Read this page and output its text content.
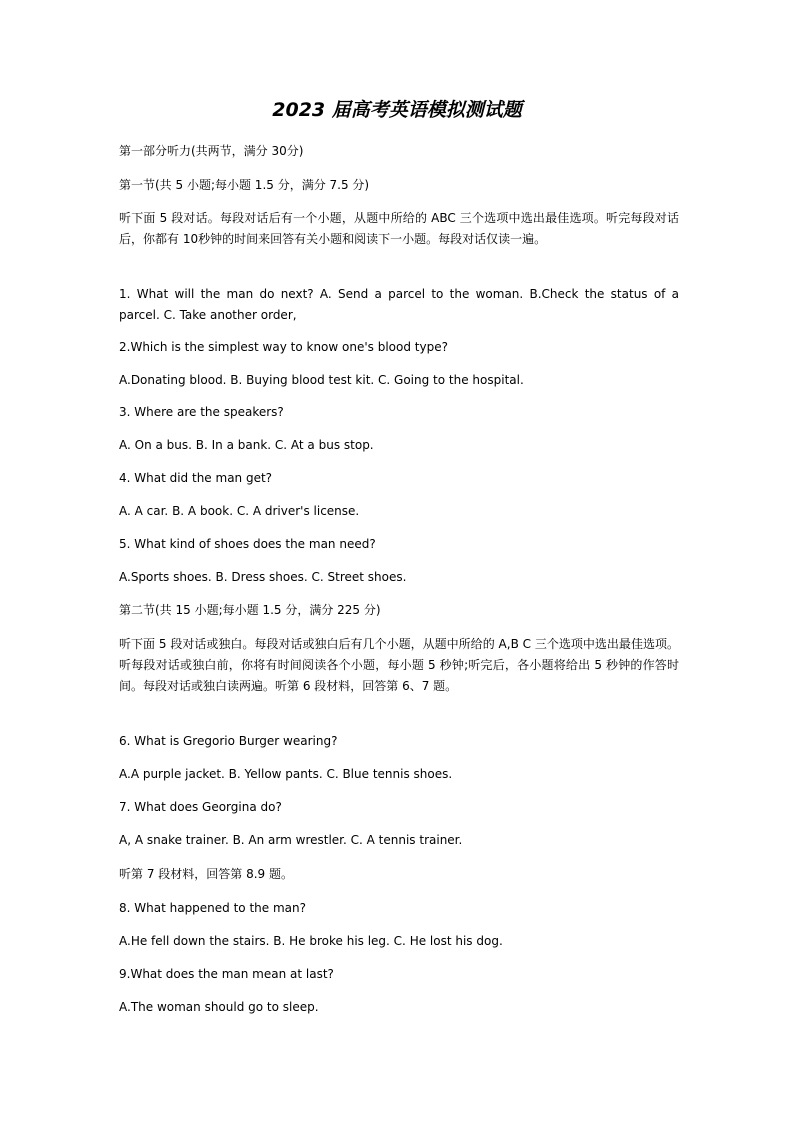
2023 届高考英语模拟测试题
第一部分听力(共两节，满分 30分)
第一节(共 5 小题;每小题 1.5 分，满分 7.5 分)
听下面 5 段对话。每段对话后有一个小题，从题中所给的 ABC 三个选项中选出最佳选项。听完每段对话后，你都有 10秒钟的时间来回答有关小题和阅读下一小题。每段对话仅读一遍。
1. What will the man do next? A. Send a parcel to the woman. B.Check the status of a parcel. C. Take another order,
2.Which is the simplest way to know one's blood type?
A.Donating blood. B. Buying blood test kit. C. Going to the hospital.
3. Where are the speakers?
A. On a bus. B. In a bank. C. At a bus stop.
4. What did the man get?
A. A car. B. A book. C. A driver's license.
5. What kind of shoes does the man need?
A.Sports shoes. B. Dress shoes. C. Street shoes.
第二节(共 15 小题;每小题 1.5 分，满分 225 分)
听下面 5 段对话或独白。每段对话或独白后有几个小题，从题中所给的 A,B C 三个选项中选出最佳选项。听每段对话或独白前，你将有时间阅读各个小题，每小题 5 秒钟;听完后，各小题将给出 5 秒钟的作答时间。每段对话或独白读两遍。听第 6 段材料，回答第 6、7 题。
6. What is Gregorio Burger wearing?
A.A purple jacket. B. Yellow pants. C. Blue tennis shoes.
7. What does Georgina do?
A, A snake trainer. B. An arm wrestler. C. A tennis trainer.
听第 7 段材料，回答第 8.9 题。
8. What happened to the man?
A.He fell down the stairs. B. He broke his leg. C. He lost his dog.
9.What does the man mean at last?
A.The woman should go to sleep.
